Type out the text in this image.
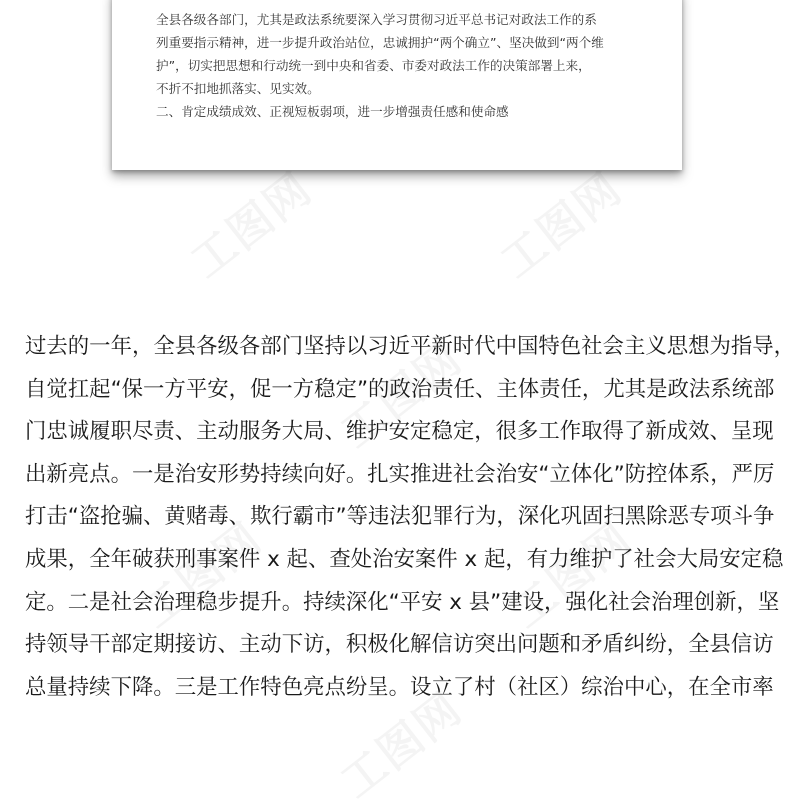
全县各级各部门，尤其是政法系统要深入学习贯彻习近平总书记对政法工作的系

列重要指示精神，进一步提升政治站位，忠诚拥护“两个确立”、坚决做到“两个维

护”，切实把思想和行动统一到中央和省委、市委对政法工作的决策部署上来，

不折不扣地抓落实、见实效。

二、肯定成绩成效、正视短板弱项，进一步增强责任感和使命感

过去的一年，全县各级各部门坚持以习近平新时代中国特色社会主义思想为指导，
自觉扛起“保一方平安，促一方稳定”的政治责任、主体责任，尤其是政法系统部
门忠诚履职尽责、主动服务大局、维护安定稳定，很多工作取得了新成效、呈现
出新亮点。一是治安形势持续向好。扎实推进社会治安“立体化”防控体系，严厉
打击“盗抢骗、黄赌毒、欺行霸市”等违法犯罪行为，深化巩固扫黑除恶专项斗争
成果，全年破获刑事案件 x 起、查处治安案件 x 起，有力维护了社会大局安定稳
定。二是社会治理稳步提升。持续深化“平安 x 县”建设，强化社会治理创新，坚
持领导干部定期接访、主动下访，积极化解信访突出问题和矛盾纠纷，全县信访
总量持续下降。三是工作特色亮点纷呈。设立了村（社区）综治中心，在全市率
